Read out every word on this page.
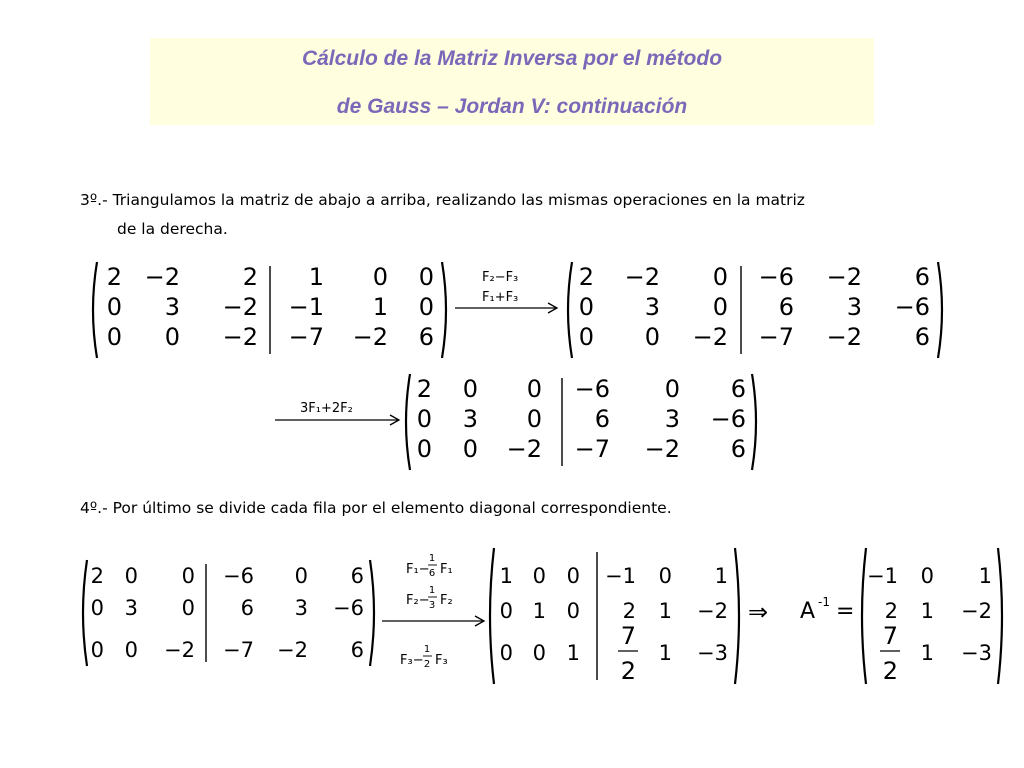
Cálculo de la Matriz Inversa por el método
de Gauss – Jordan V: continuación
3º.- Triangulamos la matriz de abajo a arriba, realizando las mismas operaciones en la matriz
de la derecha.
4º.- Por último se divide cada fila por el elemento diagonal correspondiente.
F₂−F₃
F₁+F₃
3F₁+2F₂
F₁−
1
6 F₁
F₂−
1
3 F₂
F₃−
1
2 F₃
⇒ A -1 =
2 −2	2 1 0 0
0 3 −2 −1 1 0
0 0 −2 −7 −2 6
2 −2 0 −6 −2 6
0 3 0 6 3 −6
0 0 −2 −7 −2 6
2 0 0 −6 0 6
0 3 0 6 3 −6
0 0 −2 −7 −2 6
2 0 0 −6 0 6
0 3 0 6 3 −6
0 0 −2 −7 −2 6
1 0 0 −1 0 1
0 1 0 2 1 −2
0 0 1
7
2
1 −3
−1 0 1
2 1 −2
7
2
1 −3
